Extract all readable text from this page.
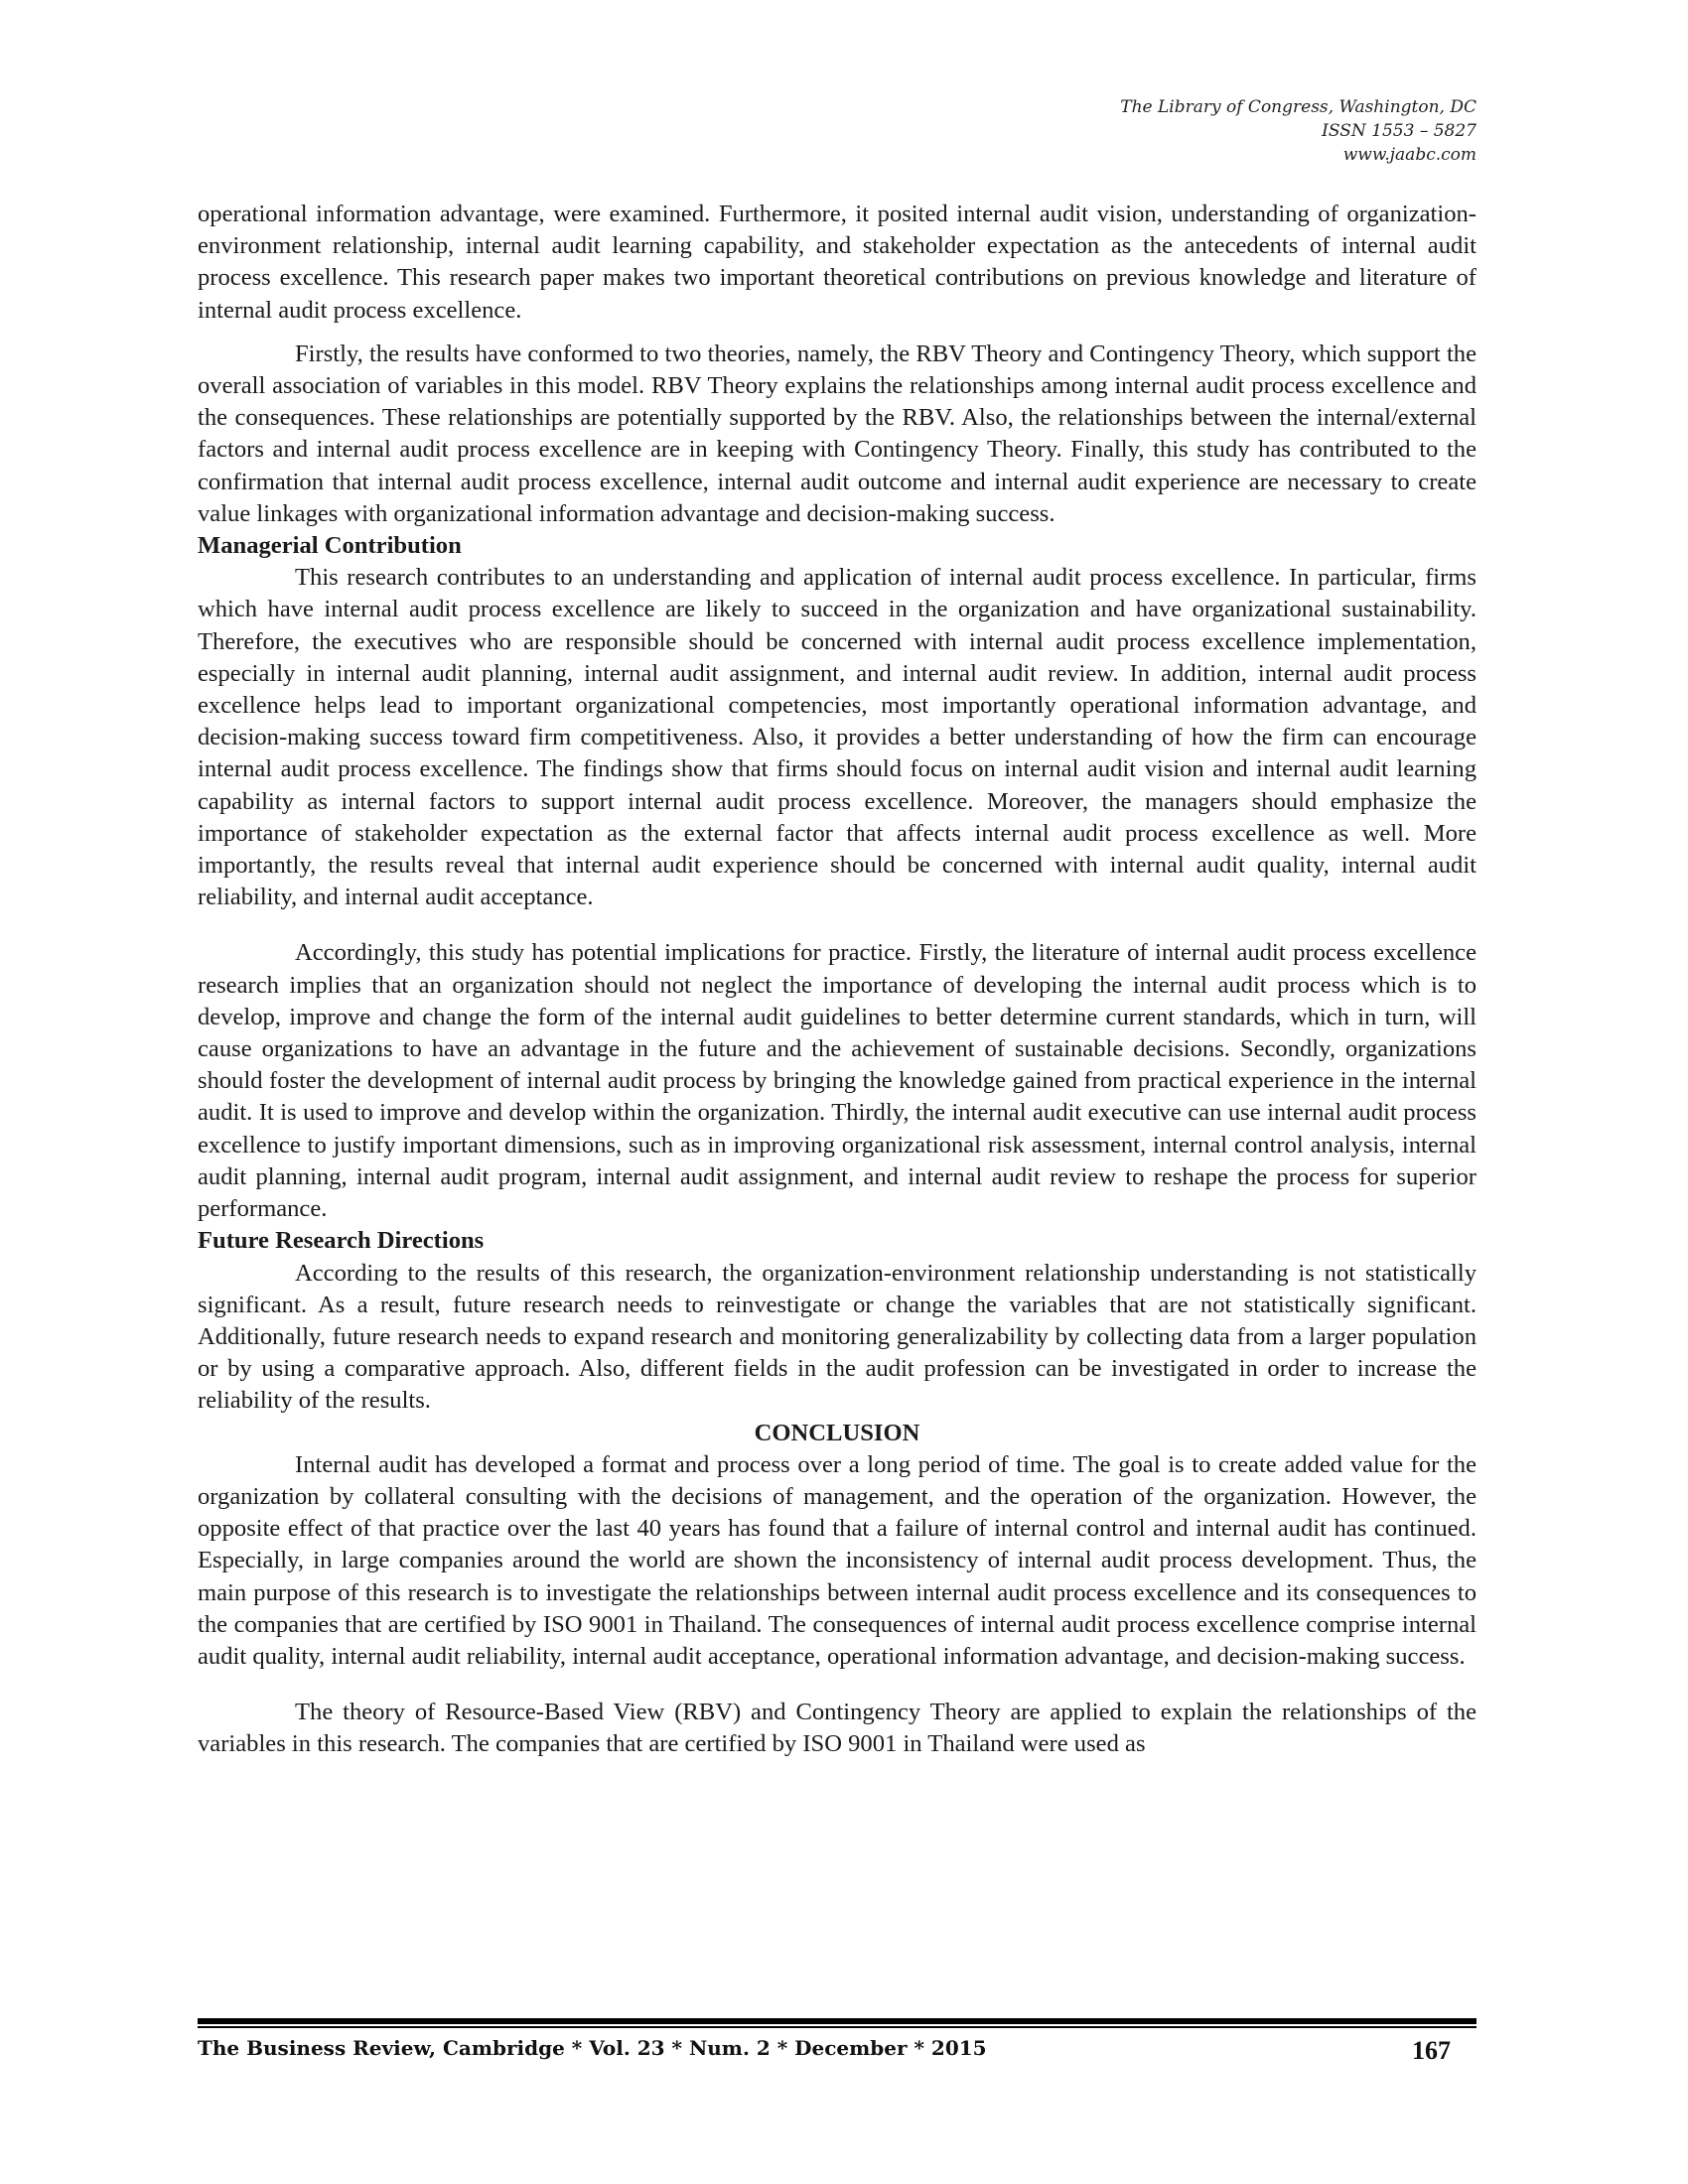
The Library of Congress, Washington, DC
ISSN 1553 – 5827
www.jaabc.com

operational information advantage, were examined. Furthermore, it posited internal audit vision, understanding of organization-environment relationship, internal audit learning capability, and stakeholder expectation as the antecedents of internal audit process excellence. This research paper makes two important theoretical contributions on previous knowledge and literature of internal audit process excellence.

Firstly, the results have conformed to two theories, namely, the RBV Theory and Contingency Theory, which support the overall association of variables in this model. RBV Theory explains the relationships among internal audit process excellence and the consequences. These relationships are potentially supported by the RBV. Also, the relationships between the internal/external factors and internal audit process excellence are in keeping with Contingency Theory. Finally, this study has contributed to the confirmation that internal audit process excellence, internal audit outcome and internal audit experience are necessary to create value linkages with organizational information advantage and decision-making success.

Managerial Contribution

This research contributes to an understanding and application of internal audit process excellence. In particular, firms which have internal audit process excellence are likely to succeed in the organization and have organizational sustainability. Therefore, the executives who are responsible should be concerned with internal audit process excellence implementation, especially in internal audit planning, internal audit assignment, and internal audit review. In addition, internal audit process excellence helps lead to important organizational competencies, most importantly operational information advantage, and decision-making success toward firm competitiveness. Also, it provides a better understanding of how the firm can encourage internal audit process excellence. The findings show that firms should focus on internal audit vision and internal audit learning capability as internal factors to support internal audit process excellence. Moreover, the managers should emphasize the importance of stakeholder expectation as the external factor that affects internal audit process excellence as well. More importantly, the results reveal that internal audit experience should be concerned with internal audit quality, internal audit reliability, and internal audit acceptance.

Accordingly, this study has potential implications for practice. Firstly, the literature of internal audit process excellence research implies that an organization should not neglect the importance of developing the internal audit process which is to develop, improve and change the form of the internal audit guidelines to better determine current standards, which in turn, will cause organizations to have an advantage in the future and the achievement of sustainable decisions. Secondly, organizations should foster the development of internal audit process by bringing the knowledge gained from practical experience in the internal audit. It is used to improve and develop within the organization. Thirdly, the internal audit executive can use internal audit process excellence to justify important dimensions, such as in improving organizational risk assessment, internal control analysis, internal audit planning, internal audit program, internal audit assignment, and internal audit review to reshape the process for superior performance.

Future Research Directions

According to the results of this research, the organization-environment relationship understanding is not statistically significant. As a result, future research needs to reinvestigate or change the variables that are not statistically significant. Additionally, future research needs to expand research and monitoring generalizability by collecting data from a larger population or by using a comparative approach. Also, different fields in the audit profession can be investigated in order to increase the reliability of the results.

CONCLUSION

Internal audit has developed a format and process over a long period of time. The goal is to create added value for the organization by collateral consulting with the decisions of management, and the operation of the organization. However, the opposite effect of that practice over the last 40 years has found that a failure of internal control and internal audit has continued. Especially, in large companies around the world are shown the inconsistency of internal audit process development. Thus, the main purpose of this research is to investigate the relationships between internal audit process excellence and its consequences to the companies that are certified by ISO 9001 in Thailand. The consequences of internal audit process excellence comprise internal audit quality, internal audit reliability, internal audit acceptance, operational information advantage, and decision-making success.

The theory of Resource-Based View (RBV) and Contingency Theory are applied to explain the relationships of the variables in this research. The companies that are certified by ISO 9001 in Thailand were used as

The Business Review, Cambridge * Vol. 23 * Num. 2 * December * 2015	167
